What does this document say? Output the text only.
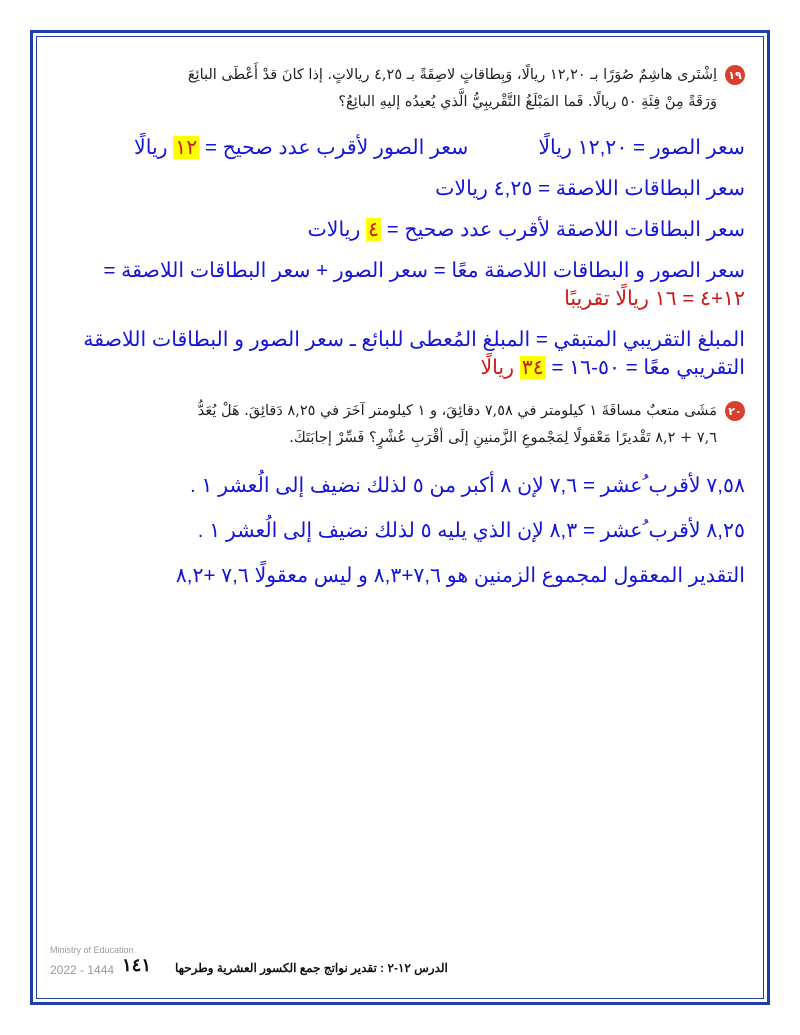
١٩
اِشْتَرى هاشِمٌ صُوَرًا بـ ١٢,٢٠ ريالًا، وَبِطاقاتٍ لاصِقَةً بـ ٤,٢٥ ريالاتٍ. إذا كانَ قدْ أَعْطَى البائِعَ
وَرَقَةً مِنْ فِئَةِ ٥٠ ريالًا. فَما المَبْلَغُ التَّقْريبِيُّ الَّذي يُعيدُه إليهِ البائِعُ؟

سعر الصور = ١٢,٢٠ ريالًاسعر الصور لأقرب عدد صحيح = ١٢ ريالًا

سعر البطاقات اللاصقة = ٤,٢٥ ريالات

سعر البطاقات اللاصقة لأقرب عدد صحيح = ٤ ريالات

سعر الصور و البطاقات اللاصقة معًا = سعر الصور + سعر البطاقات اللاصقة =

١٢+٤ = ١٦ ريالًا تقريبًا

المبلغ التقريبي المتبقي = المبلغ المُعطى للبائع ـ سعر الصور و البطاقات اللاصقة

التقريبي معًا = ٥٠-١٦ = ٣٤ ريالًا

٢٠
مَشَى متعبٌ مسافَةَ ١ كيلومتر في ٧,٥٨ دقائِقَ، و ١ كيلومتر آخَرَ في ٨,٢٥ دَقائِقَ. هَلْ يُعَدُّ
٧,٦ + ٨,٢ تَقْديرًا مَعْقولًا لِمَجْموعِ الزَّمنينِ إلَى أقْرَبِ عُشْرٍ؟ فَسِّرْ إجابَتَكَ.

٧,٥٨ لأقرب ُعشر = ٧,٦ لإن ٨ أكبر من ٥ لذلك نضيف إلى الُعشر ١ .

٨,٢٥ لأقرب ُعشر = ٨,٣ لإن الذي يليه ٥ لذلك نضيف إلى الُعشر ١ .

التقدير المعقول لمجموع الزمنين هو ٧,٦+٨,٣ و ليس معقولًا ٧,٦ +٨,٢

Ministry of Education
2022 - 1444 ١٤١ الدرس ١٢-٢ : تقدير نواتج جمع الكسور العشرية وطرحها
